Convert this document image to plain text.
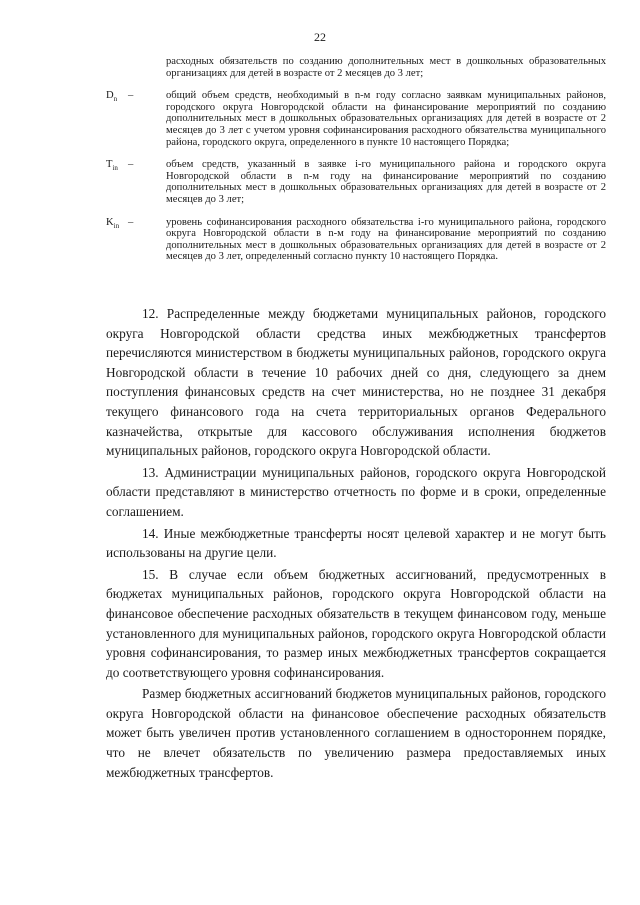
22
расходных обязательств по созданию дополнительных мест в дошкольных образовательных организациях для детей в возрасте от 2 месяцев до 3 лет;
$D_n$	–	общий объем средств, необходимый в n-м году согласно заявкам муниципальных районов, городского округа Новгородской области на финансирование мероприятий по созданию дополнительных мест в дошкольных образовательных организациях для детей в возрасте от 2 месяцев до 3 лет с учетом уровня софинансирования расходного обязательства муниципального района, городского округа, определенного в пункте 10 настоящего Порядка;
$T_{in}$ –	объем средств, указанный в заявке i-го муниципального района и городского округа Новгородской области в n-м году на финансирование мероприятий по созданию дополнительных мест в дошкольных образовательных организациях для детей в возрасте от 2 месяцев до 3 лет;
$K_{in}$ –	уровень софинансирования расходного обязательства i-го муниципального района, городского округа Новгородской области в n-м году на финансирование мероприятий по созданию дополнительных мест в дошкольных образовательных организациях для детей в возрасте от 2 месяцев до 3 лет, определенный согласно пункту 10 настоящего Порядка.

12. Распределенные между бюджетами муниципальных районов, городского округа Новгородской области средства иных межбюджетных трансфертов перечисляются министерством в бюджеты муниципальных районов, городского округа Новгородской области в течение 10 рабочих дней со дня, следующего за днем поступления финансовых средств на счет министерства, но не позднее 31 декабря текущего финансового года на счета территориальных органов Федерального казначейства, открытые для кассового обслуживания исполнения бюджетов муниципальных районов, городского округа Новгородской области.

13. Администрации муниципальных районов, городского округа Новгородской области представляют в министерство отчетность по форме и в сроки, определенные соглашением.

14. Иные межбюджетные трансферты носят целевой характер и не могут быть использованы на другие цели.

15. В случае если объем бюджетных ассигнований, предусмотренных в бюджетах муниципальных районов, городского округа Новгородской области на финансовое обеспечение расходных обязательств в текущем финансовом году, меньше установленного для муниципальных районов, городского округа Новгородской области уровня софинансирования, то размер иных межбюджетных трансфертов сокращается до соответствующего уровня софинансирования.

Размер бюджетных ассигнований бюджетов муниципальных районов, городского округа Новгородской области на финансовое обеспечение расходных обязательств может быть увеличен против установленного соглашением в одностороннем порядке, что не влечет обязательств по увеличению размера предоставляемых иных межбюджетных трансфертов.
